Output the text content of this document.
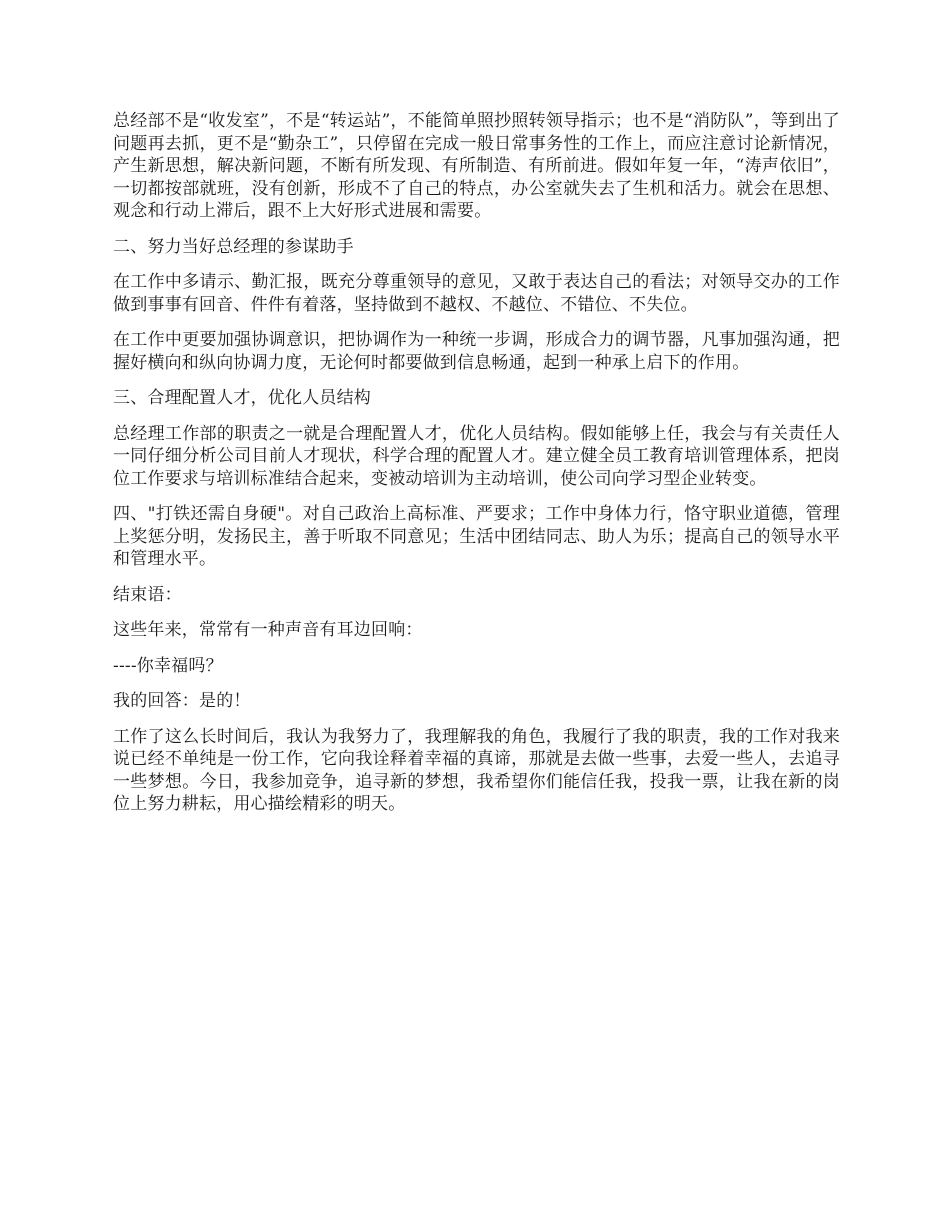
总经部不是“收发室”，不是“转运站”，不能简单照抄照转领导指示；也不是“消防队”，等到出了问题再去抓，更不是“勤杂工”，只停留在完成一般日常事务性的工作上，而应注意讨论新情况，产生新思想，解决新问题，不断有所发现、有所制造、有所前进。假如年复一年，“涛声依旧”，一切都按部就班，没有创新，形成不了自己的特点，办公室就失去了生机和活力。就会在思想、观念和行动上滞后，跟不上大好形式进展和需要。

二、努力当好总经理的参谋助手

在工作中多请示、勤汇报，既充分尊重领导的意见，又敢于表达自己的看法；对领导交办的工作做到事事有回音、件件有着落，坚持做到不越权、不越位、不错位、不失位。

在工作中更要加强协调意识，把协调作为一种统一步调，形成合力的调节器，凡事加强沟通，把握好横向和纵向协调力度，无论何时都要做到信息畅通，起到一种承上启下的作用。

三、合理配置人才，优化人员结构

总经理工作部的职责之一就是合理配置人才，优化人员结构。假如能够上任，我会与有关责任人一同仔细分析公司目前人才现状，科学合理的配置人才。建立健全员工教育培训管理体系，把岗位工作要求与培训标准结合起来，变被动培训为主动培训，使公司向学习型企业转变。

四、"打铁还需自身硬"。对自己政治上高标准、严要求；工作中身体力行，恪守职业道德，管理上奖惩分明，发扬民主，善于听取不同意见；生活中团结同志、助人为乐；提高自己的领导水平和管理水平。

结束语：

这些年来，常常有一种声音有耳边回响：

----你幸福吗？

我的回答：是的！

工作了这么长时间后，我认为我努力了，我理解我的角色，我履行了我的职责，我的工作对我来说已经不单纯是一份工作，它向我诠释着幸福的真谛，那就是去做一些事，去爱一些人，去追寻一些梦想。今日，我参加竞争，追寻新的梦想，我希望你们能信任我，投我一票，让我在新的岗位上努力耕耘，用心描绘精彩的明天。
